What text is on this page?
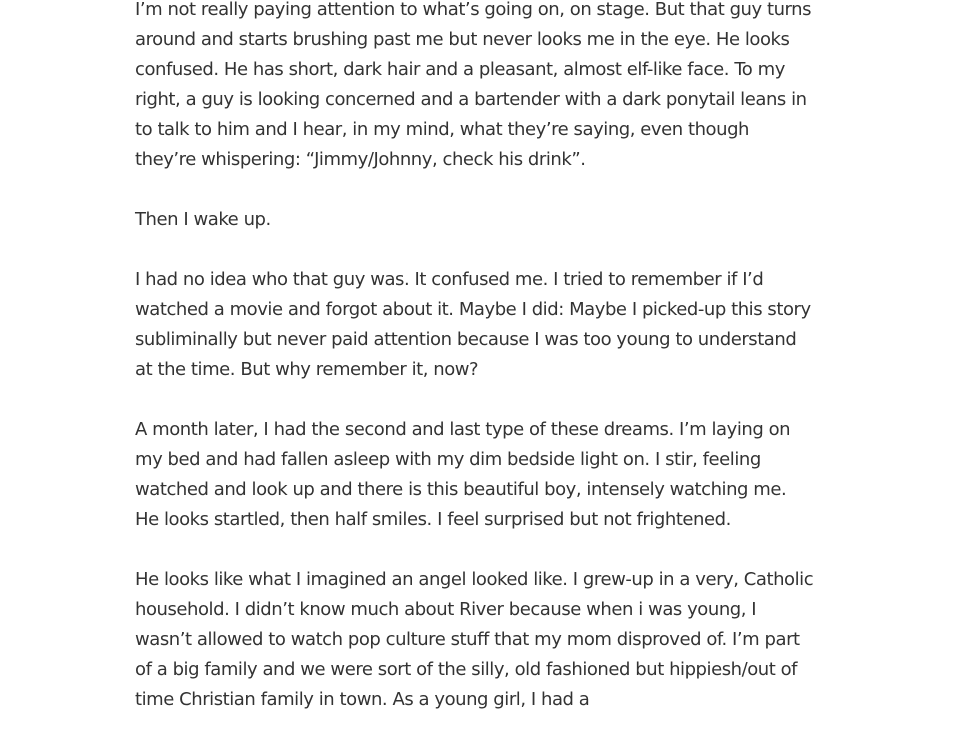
I’m not really paying attention to what’s going on, on stage. But that guy turns around and starts brushing past me but never looks me in the eye. He looks confused. He has short, dark hair and a pleasant, almost elf-like face. To my right, a guy is looking concerned and a bartender with a dark ponytail leans in to talk to him and I hear, in my mind, what they’re saying, even though they’re whispering: “Jimmy/Johnny, check his drink”.

Then I wake up.

I had no idea who that guy was. It confused me. I tried to remember if I’d watched a movie and forgot about it. Maybe I did: Maybe I picked-up this story subliminally but never paid attention because I was too young to understand at the time. But why remember it, now?

A month later, I had the second and last type of these dreams. I’m laying on my bed and had fallen asleep with my dim bedside light on. I stir, feeling watched and look up and there is this beautiful boy, intensely watching me. He looks startled, then half smiles. I feel surprised but not frightened.

He looks like what I imagined an angel looked like. I grew-up in a very, Catholic household. I didn’t know much about River because when i was young, I wasn’t allowed to watch pop culture stuff that my mom disproved of. I’m part of a big family and we were sort of the silly, old fashioned but hippiesh/out of time Christian family in town. As a young girl, I had a
